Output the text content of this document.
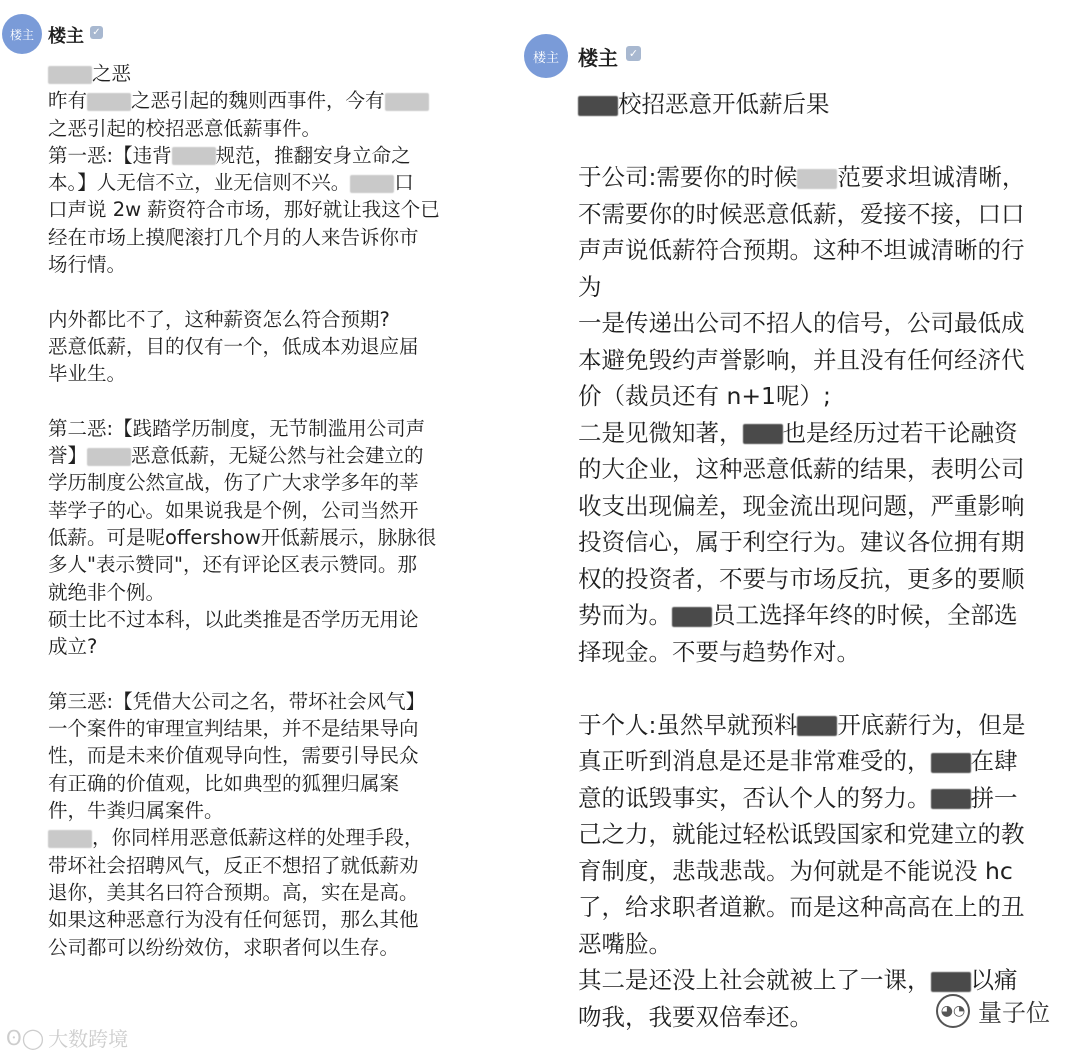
楼主 楼主 ✓
之恶
昨有 之恶引起的魏则西事件，今有
之恶引起的校招恶意低薪事件。
第一恶:【违背 规范，推翻安身立命之
本。】人无信不立，业无信则不兴。 口
口声说 2w 薪资符合市场，那好就让我这个已
经在市场上摸爬滚打几个月的人来告诉你市
场行情。

内外都比不了，这种薪资怎么符合预期?
恶意低薪，目的仅有一个，低成本劝退应届
毕业生。

第二恶:【践踏学历制度，无节制滥用公司声
誉】 恶意低薪，无疑公然与社会建立的
学历制度公然宣战，伤了广大求学多年的莘
莘学子的心。如果说我是个例，公司当然开
低薪。可是呢offershow开低薪展示，脉脉很
多人"表示赞同"，还有评论区表示赞同。那
就绝非个例。
硕士比不过本科，以此类推是否学历无用论
成立?

第三恶:【凭借大公司之名，带坏社会风气】
一个案件的审理宣判结果，并不是结果导向
性，而是未来价值观导向性，需要引导民众
有正确的价值观，比如典型的狐狸归属案
件，牛粪归属案件。
，你同样用恶意低薪这样的处理手段，
带坏社会招聘风气，反正不想招了就低薪劝
退你，美其名曰符合预期。高，实在是高。
如果这种恶意行为没有任何惩罚，那么其他
公司都可以纷纷效仿，求职者何以生存。
ʘ◯ 大数跨境
楼主 楼主 ✓
校招恶意开低薪后果

于公司:需要你的时候 范要求坦诚清晰，
不需要你的时候恶意低薪，爱接不接，口口
声声说低薪符合预期。这种不坦诚清晰的行
为
一是传递出公司不招人的信号，公司最低成
本避免毁约声誉影响，并且没有任何经济代
价（裁员还有 n+1呢）;
二是见微知著， 也是经历过若干论融资
的大企业，这种恶意低薪的结果，表明公司
收支出现偏差，现金流出现问题，严重影响
投资信心，属于利空行为。建议各位拥有期
权的投资者，不要与市场反抗，更多的要顺
势而为。 员工选择年终的时候，全部选
择现金。不要与趋势作对。

于个人:虽然早就预料 开底薪行为，但是
真正听到消息是还是非常难受的， 在肆
意的诋毁事实，否认个人的努力。 拼一
己之力，就能过轻松诋毁国家和党建立的教
育制度，悲哉悲哉。为何就是不能说没 hc
了，给求职者道歉。而是这种高高在上的丑
恶嘴脸。
其二是还没上社会就被上了一课， 以痛
吻我，我要双倍奉还。	◕◔ 量子位
